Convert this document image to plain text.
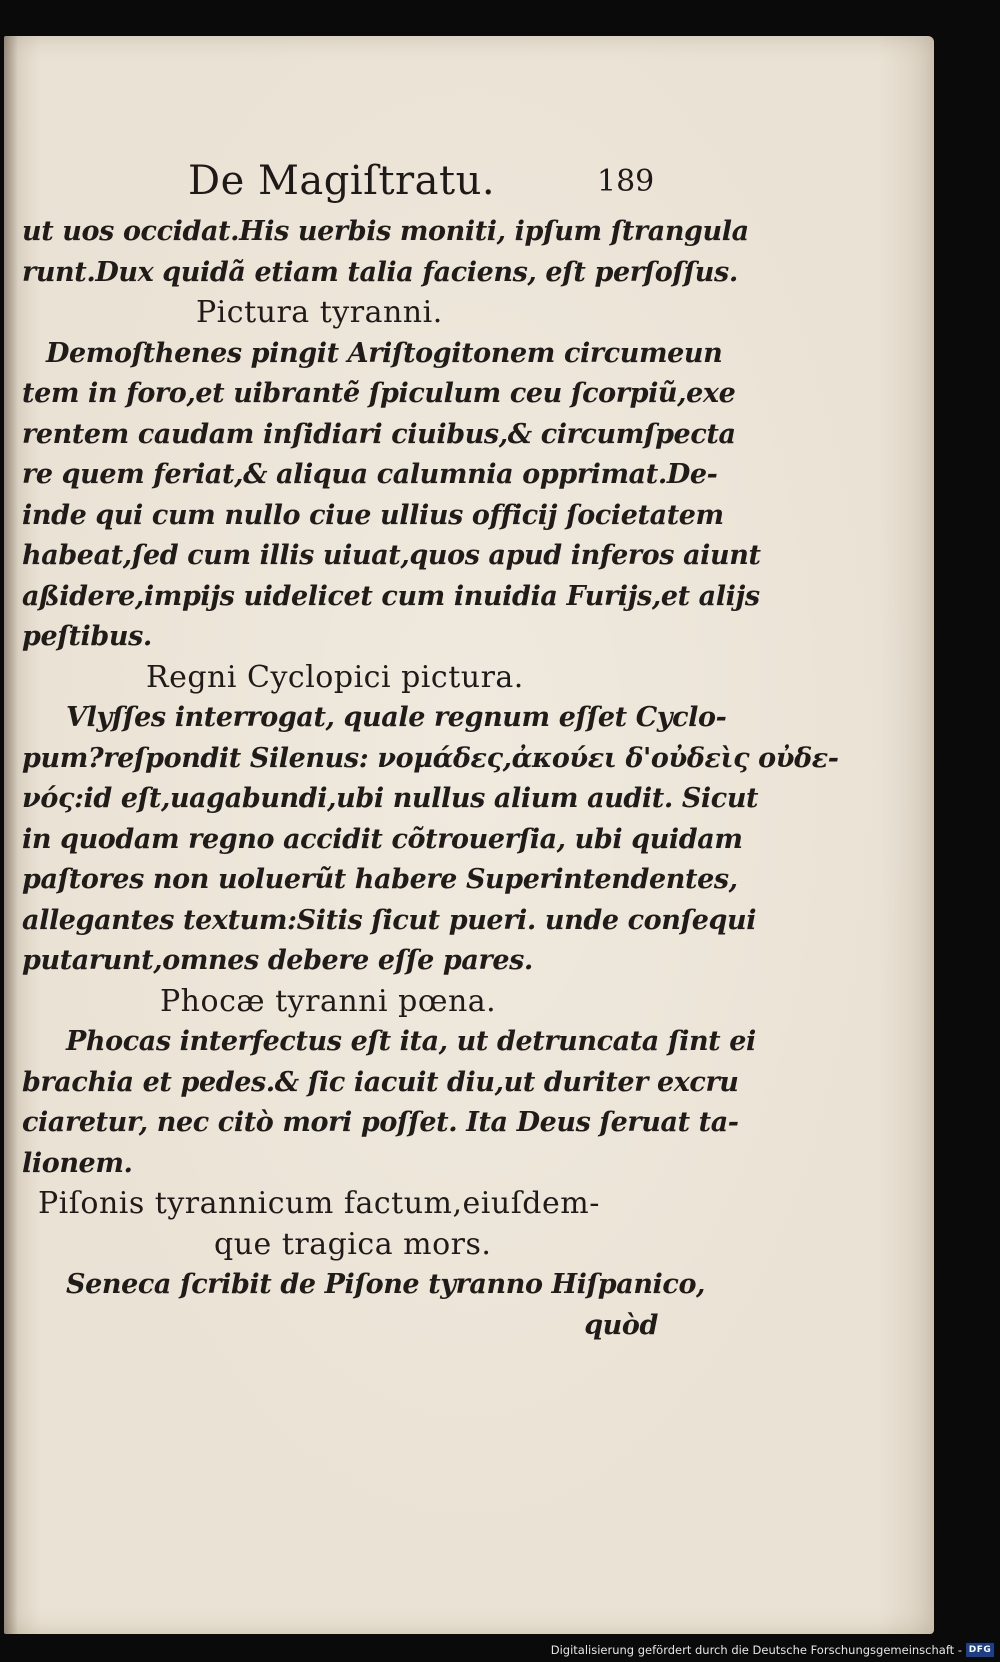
De Magiſtratu.	189
ut uos occidat.His uerbis moniti, ipſum ſtrangula
runt.Dux quidã etiam talia faciens, eſt perſoſſus.
Pictura tyranni.
Demoſthenes pingit Ariſtogitonem circumeun
tem in foro,et uibrantẽ ſpiculum ceu ſcorpiũ,exe
rentem caudam inſidiari ciuibus,& circumſpecta
re quem feriat,& aliqua calumnia opprimat.De-
inde qui cum nullo ciue ullius officij ſocietatem
habeat,ſed cum illis uiuat,quos apud inferos aiunt
aßidere,impijs uidelicet cum inuidia Furijs,et alijs
peſtibus.
Regni Cyclopici pictura.
Vlyſſes interrogat, quale regnum eſſet Cyclo-
pum?reſpondit Silenus: νομάδες,ἀκούει δ'οὐδεὶς οὐδε-
νός:id eſt,uagabundi,ubi nullus alium audit. Sicut
in quodam regno accidit cõtrouerſia, ubi quidam
paſtores non uoluerũt habere Superintendentes,
allegantes textum:Sitis ſicut pueri. unde conſequi
putarunt,omnes debere eſſe pares.
Phocæ tyranni pœna.
Phocas interfectus eſt ita, ut detruncata ſint ei
brachia et pedes.& ſic iacuit diu,ut duriter excru
ciaretur, nec citò mori poſſet. Ita Deus ſeruat ta-
lionem.
Piſonis tyrannicum factum,eiuſdem-
que tragica mors.
Seneca ſcribit de Piſone tyranno Hiſpanico,
quòd
Digitalisierung gefördert durch die Deutsche Forschungsgemeinschaft - DFG
